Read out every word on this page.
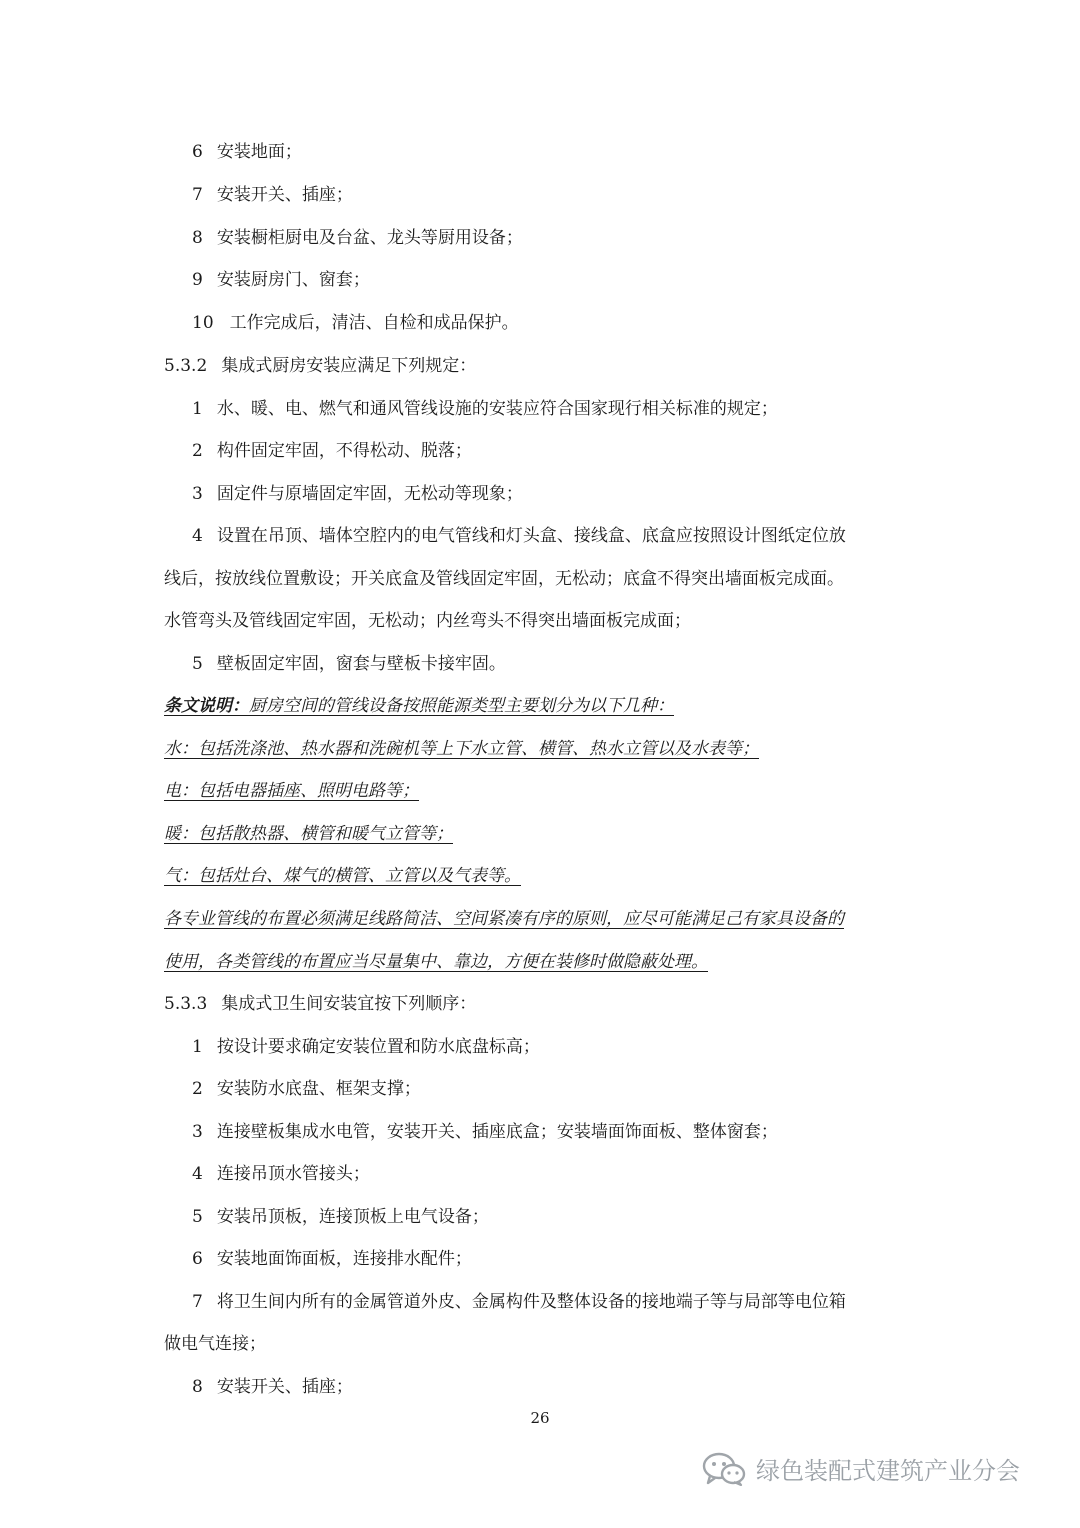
6 安装地面；
7 安装开关、插座；
8 安装橱柜厨电及台盆、龙头等厨用设备；
9 安装厨房门、窗套；
10 工作完成后，清洁、自检和成品保护。
5.3.2 集成式厨房安装应满足下列规定：
1 水、暖、电、燃气和通风管线设施的安装应符合国家现行相关标准的规定；
2 构件固定牢固，不得松动、脱落；
3 固定件与原墙固定牢固，无松动等现象；
4 设置在吊顶、墙体空腔内的电气管线和灯头盒、接线盒、底盒应按照设计图纸定位放
线后，按放线位置敷设；开关底盒及管线固定牢固，无松动；底盒不得突出墙面板完成面。
水管弯头及管线固定牢固，无松动；内丝弯头不得突出墙面板完成面；
5 壁板固定牢固，窗套与壁板卡接牢固。
条文说明：厨房空间的管线设备按照能源类型主要划分为以下几种：
水：包括洗涤池、热水器和洗碗机等上下水立管、横管、热水立管以及水表等；
电：包括电器插座、照明电路等；
暖：包括散热器、横管和暖气立管等；
气：包括灶台、煤气的横管、立管以及气表等。
各专业管线的布置必须满足线路简洁、空间紧凑有序的原则，应尽可能满足己有家具设备的
使用，各类管线的布置应当尽量集中、靠边，方便在装修时做隐蔽处理。
5.3.3 集成式卫生间安装宜按下列顺序：
1 按设计要求确定安装位置和防水底盘标高；
2 安装防水底盘、框架支撑；
3 连接壁板集成水电管，安装开关、插座底盒；安装墙面饰面板、整体窗套；
4 连接吊顶水管接头；
5 安装吊顶板，连接顶板上电气设备；
6 安装地面饰面板，连接排水配件；
7 将卫生间内所有的金属管道外皮、金属构件及整体设备的接地端子等与局部等电位箱
做电气连接；
8 安装开关、插座；
26
绿色装配式建筑产业分会
